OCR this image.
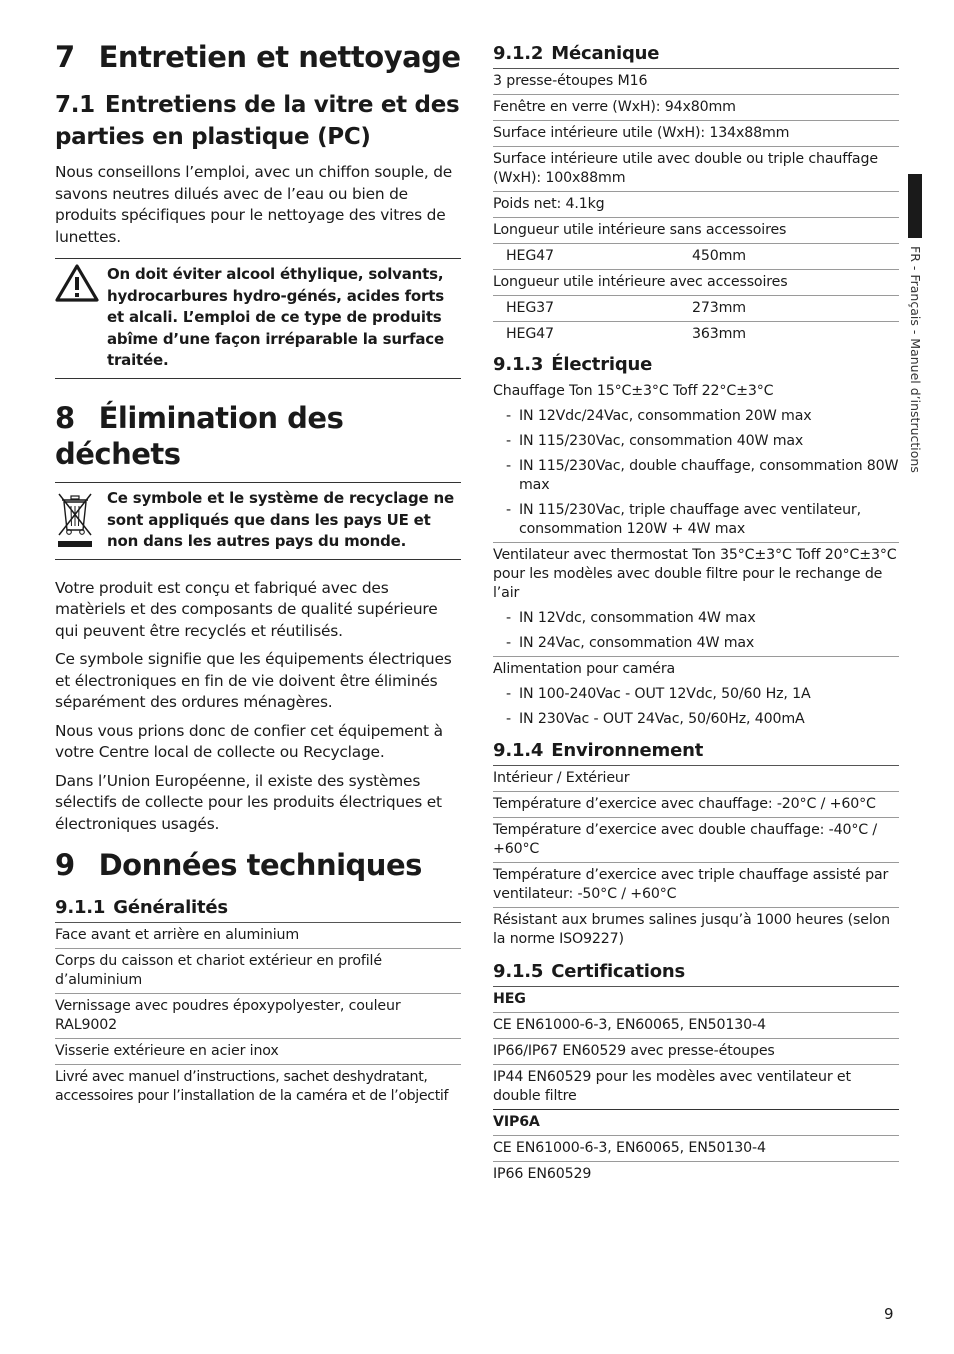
7 Entretien et nettoyage
7.1 Entretiens de la vitre et des parties en plastique (PC)

Nous conseillons l’emploi, avec un chiffon souple, de savons neutres dilués avec de l’eau ou bien de produits spécifiques pour le nettoyage des vitres de lunettes.

On doit éviter alcool éthylique, solvants, hydrocarbures hydro-génés, acides forts et alcali. L’emploi de ce type de produits abîme d’une façon irréparable la surface traitée.
8 Élimination des déchets
Ce symbole et le système de recyclage ne sont appliqués que dans les pays UE et non dans les autres pays du monde.

Votre produit est conçu et fabriqué avec des matèriels et des composants de qualité supérieure qui peuvent être recyclés et réutilisés.

Ce symbole signifie que les équipements électriques et électroniques en fin de vie doivent être éliminés séparément des ordures ménagères.

Nous vous prions donc de confier cet équipement à votre Centre local de collecte ou Recyclage.

Dans l’Union Européenne, il existe des systèmes sélectifs de collecte pour les produits électriques et électroniques usagés.

9 Données techniques
9.1.1 Généralités
Face avant et arrière en aluminium
Corps du caisson et chariot extérieur en profilé d’aluminium
Vernissage avec poudres époxypolyester, couleur RAL9002
Visserie extérieure en acier inox
Livré avec manuel d’instructions, sachet deshydratant, accessoires pour l’installation de la caméra et de l’objectif
9.1.2 Mécanique
3 presse-étoupes M16
Fenêtre en verre (WxH): 94x80mm
Surface intérieure utile (WxH): 134x88mm
Surface intérieure utile avec double ou triple chauffage (WxH): 100x88mm
Poids net: 4.1kg
Longueur utile intérieure sans accessoires
HEG47	450mm
Longueur utile intérieure avec accessoires
HEG37	273mm
HEG47	363mm
9.1.3 Électrique
Chauffage Ton 15°C±3°C Toff 22°C±3°C
- IN 12Vdc/24Vac, consommation 20W max
- IN 115/230Vac, consommation 40W max
- IN 115/230Vac, double chauffage, consommation 80W max
- IN 115/230Vac, triple chauffage avec ventilateur, consommation 120W + 4W max
Ventilateur avec thermostat Ton 35°C±3°C Toff 20°C±3°C pour les modèles avec double filtre pour le rechange de l’air
- IN 12Vdc, consommation 4W max
- IN 24Vac, consommation 4W max
Alimentation pour caméra
- IN 100-240Vac - OUT 12Vdc, 50/60 Hz, 1A
- IN 230Vac - OUT 24Vac, 50/60Hz, 400mA
9.1.4 Environnement
Intérieur / Extérieur
Température d’exercice avec chauffage: -20°C / +60°C
Température d’exercice avec double chauffage: -40°C / +60°C
Température d’exercice avec triple chauffage assisté par ventilateur: -50°C / +60°C
Résistant aux brumes salines jusqu’à 1000 heures (selon la norme ISO9227)
9.1.5 Certifications
HEG
CE EN61000-6-3, EN60065, EN50130-4
IP66/IP67 EN60529 avec presse-étoupes
IP44 EN60529 pour les modèles avec ventilateur et double filtre
VIP6A
CE EN61000-6-3, EN60065, EN50130-4
IP66 EN60529
FR - Français - Manuel d’instructions
9
